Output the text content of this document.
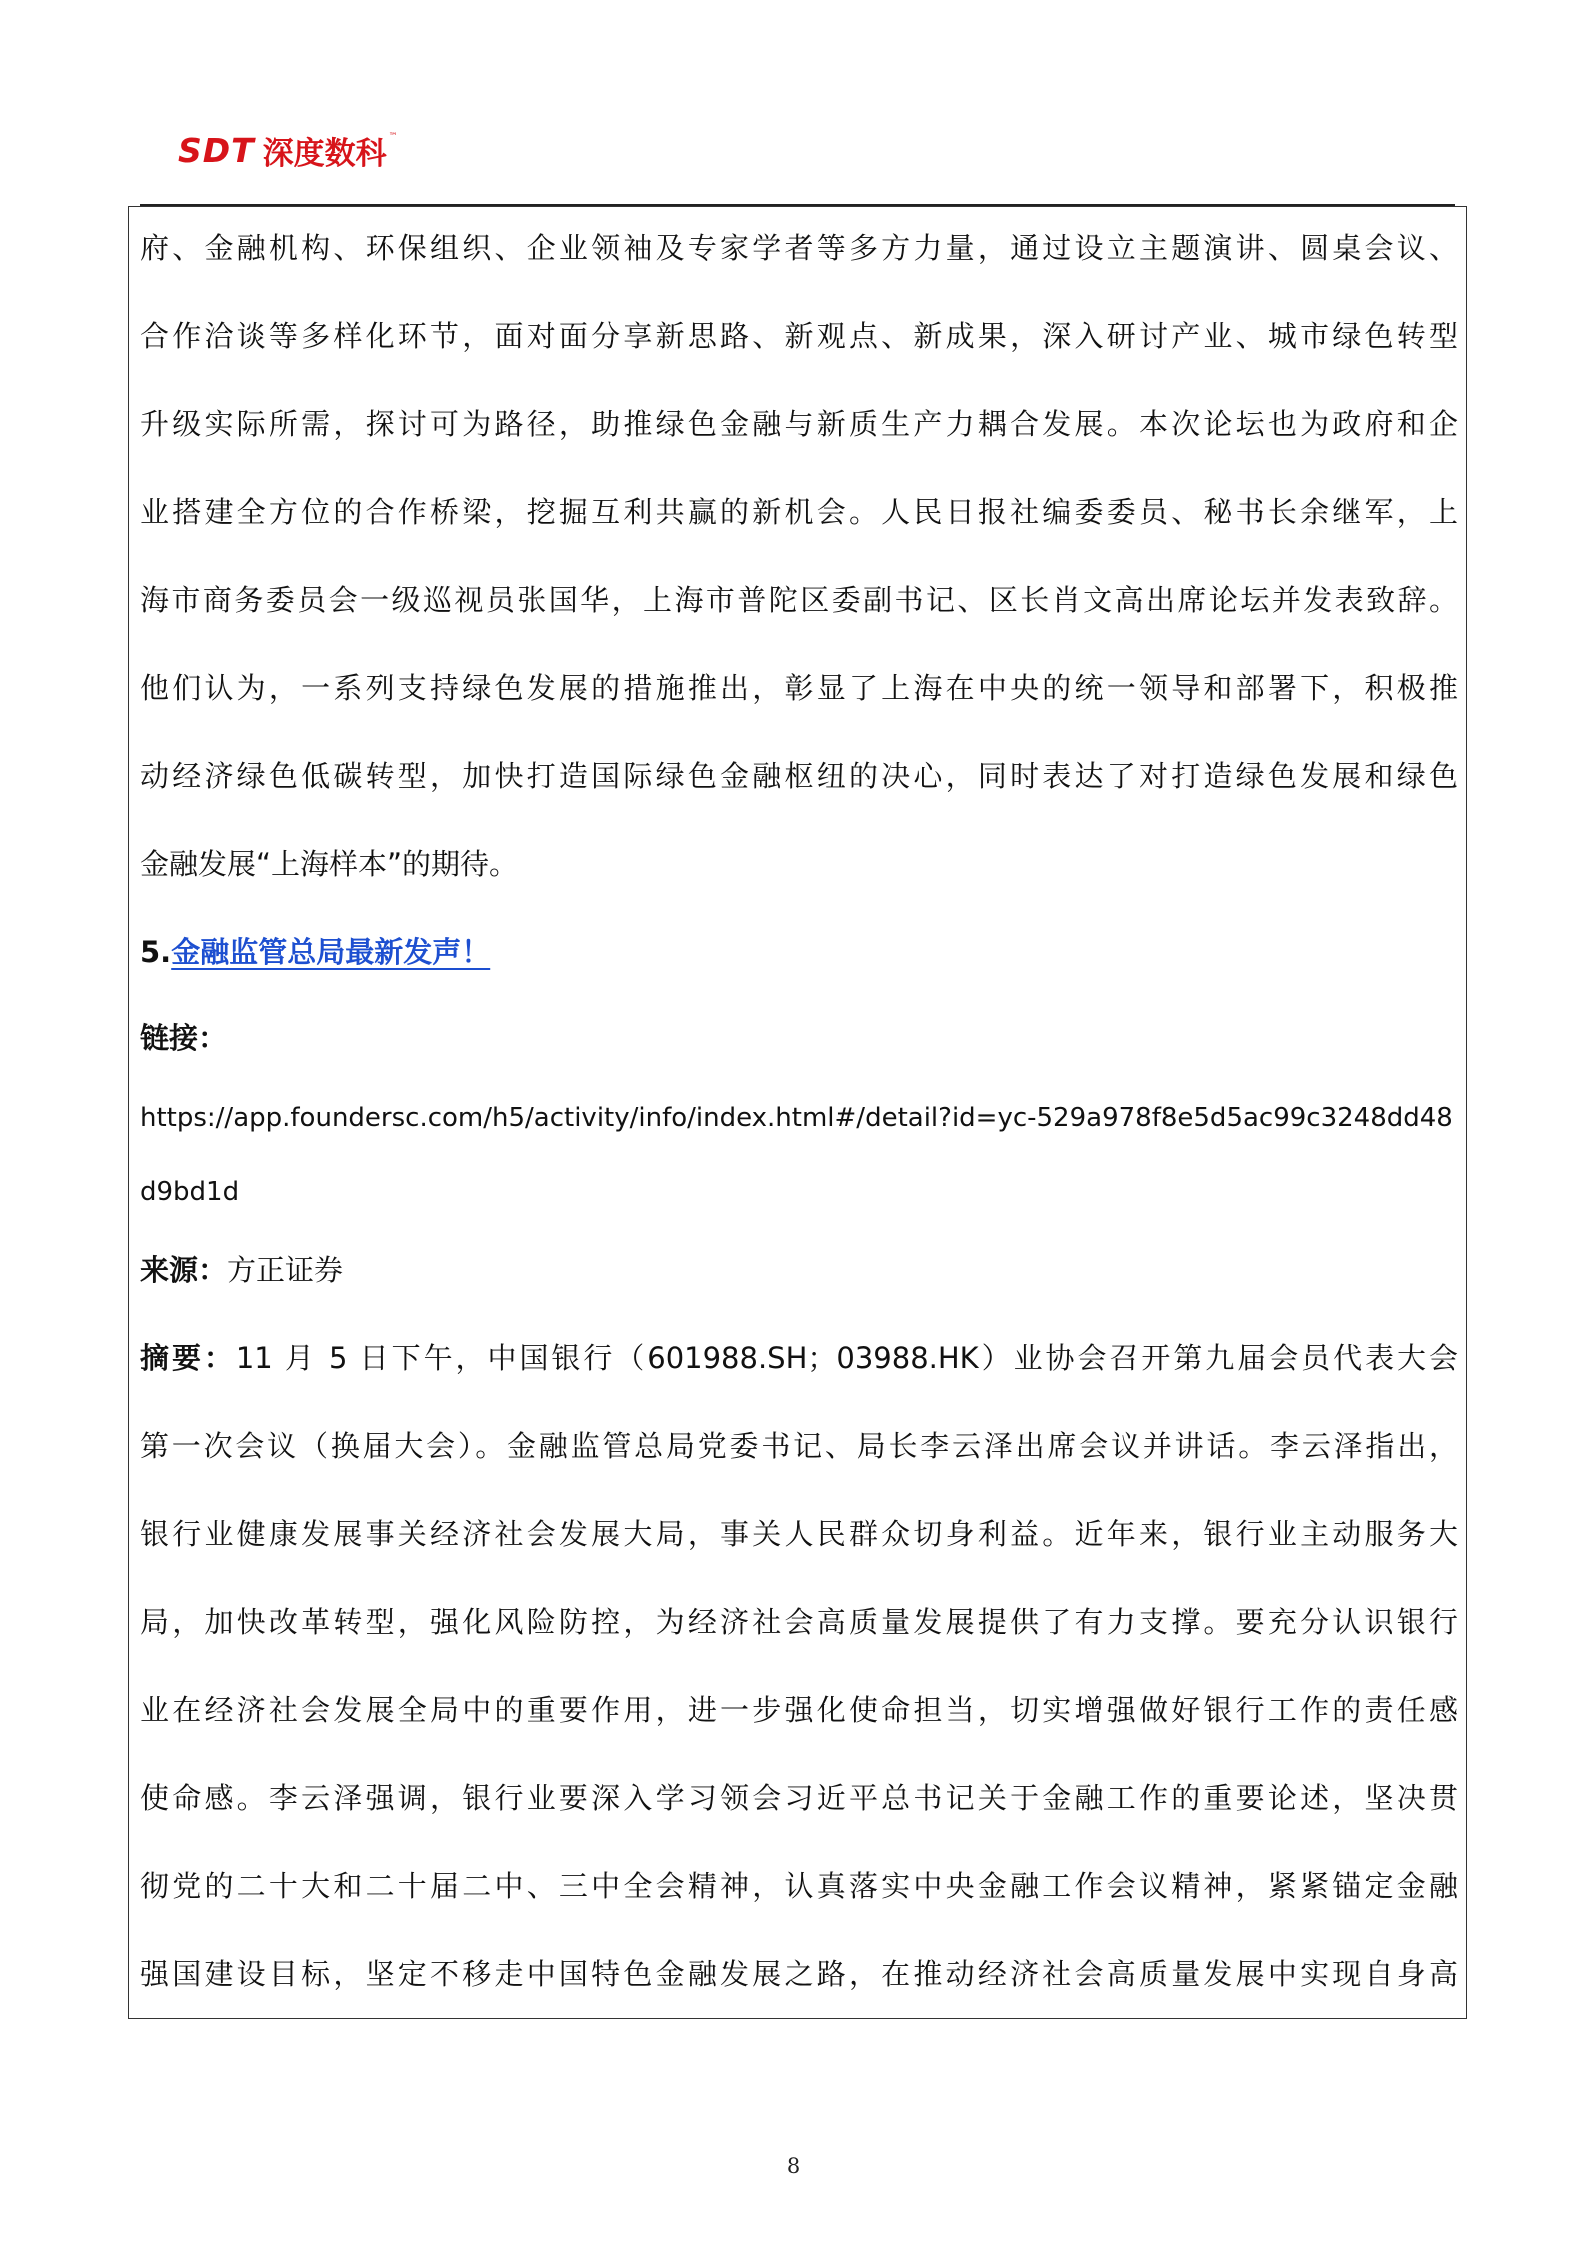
SDT 深度数科 ™
府、金融机构、环保组织、企业领袖及专家学者等多方力量，通过设立主题演讲、圆桌会议、
合作洽谈等多样化环节，面对面分享新思路、新观点、新成果，深入研讨产业、城市绿色转型
升级实际所需，探讨可为路径，助推绿色金融与新质生产力耦合发展。本次论坛也为政府和企
业搭建全方位的合作桥梁，挖掘互利共赢的新机会。人民日报社编委委员、秘书长余继军，上
海市商务委员会一级巡视员张国华，上海市普陀区委副书记、区长肖文高出席论坛并发表致辞。
他们认为，一系列支持绿色发展的措施推出，彰显了上海在中央的统一领导和部署下，积极推
动经济绿色低碳转型，加快打造国际绿色金融枢纽的决心，同时表达了对打造绿色发展和绿色
金融发展“上海样本”的期待。
5.金融监管总局最新发声！
链接：
https://app.foundersc.com/h5/activity/info/index.html#/detail?id=yc-529a978f8e5d5ac99c3248dd48
d9bd1d
来源：方正证券
摘要：11 月 5 日下午，中国银行（601988.SH；03988.HK）业协会召开第九届会员代表大会
第一次会议（换届大会）。金融监管总局党委书记、局长李云泽出席会议并讲话。李云泽指出，
银行业健康发展事关经济社会发展大局，事关人民群众切身利益。近年来，银行业主动服务大
局，加快改革转型，强化风险防控，为经济社会高质量发展提供了有力支撑。要充分认识银行
业在经济社会发展全局中的重要作用，进一步强化使命担当，切实增强做好银行工作的责任感
使命感。李云泽强调，银行业要深入学习领会习近平总书记关于金融工作的重要论述，坚决贯
彻党的二十大和二十届二中、三中全会精神，认真落实中央金融工作会议精神，紧紧锚定金融
强国建设目标，坚定不移走中国特色金融发展之路，在推动经济社会高质量发展中实现自身高
8
